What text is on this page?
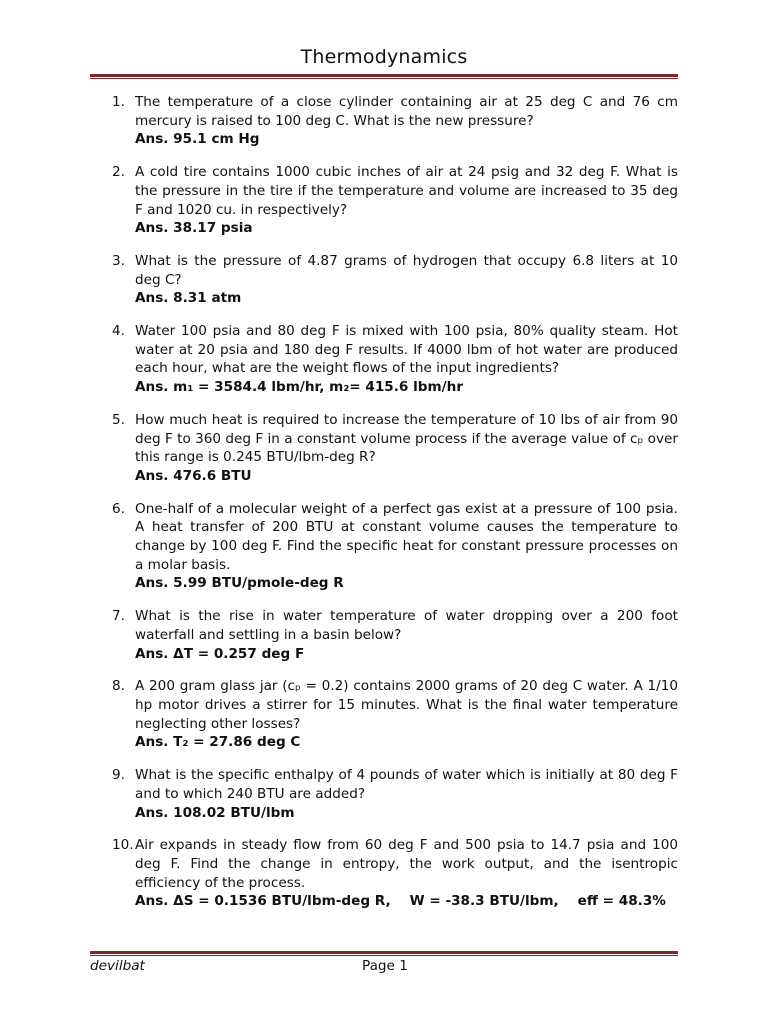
Thermodynamics
1. The temperature of a close cylinder containing air at 25 deg C and 76 cm mercury is raised to 100 deg C. What is the new pressure?
Ans. 95.1 cm Hg
2. A cold tire contains 1000 cubic inches of air at 24 psig and 32 deg F. What is the pressure in the tire if the temperature and volume are increased to 35 deg F and 1020 cu. in respectively?
Ans. 38.17 psia
3. What is the pressure of 4.87 grams of hydrogen that occupy 6.8 liters at 10 deg C?
Ans. 8.31 atm
4. Water 100 psia and 80 deg F is mixed with 100 psia, 80% quality steam. Hot water at 20 psia and 180 deg F results. If 4000 lbm of hot water are produced each hour, what are the weight flows of the input ingredients?
Ans. m₁ = 3584.4 lbm/hr, m₂= 415.6 lbm/hr
5. How much heat is required to increase the temperature of 10 lbs of air from 90 deg F to 360 deg F in a constant volume process if the average value of cₚ over this range is 0.245 BTU/lbm-deg R?
Ans. 476.6 BTU
6. One-half of a molecular weight of a perfect gas exist at a pressure of 100 psia. A heat transfer of 200 BTU at constant volume causes the temperature to change by 100 deg F. Find the specific heat for constant pressure processes on a molar basis.
Ans. 5.99 BTU/pmole-deg R
7. What is the rise in water temperature of water dropping over a 200 foot waterfall and settling in a basin below?
Ans. ΔT = 0.257 deg F
8. A 200 gram glass jar (cₚ = 0.2) contains 2000 grams of 20 deg C water. A 1/10 hp motor drives a stirrer for 15 minutes. What is the final water temperature neglecting other losses?
Ans. T₂ = 27.86 deg C
9. What is the specific enthalpy of 4 pounds of water which is initially at 80 deg F and to which 240 BTU are added?
Ans. 108.02 BTU/lbm
10. Air expands in steady flow from 60 deg F and 500 psia to 14.7 psia and 100 deg F. Find the change in entropy, the work output, and the isentropic efficiency of the process.
Ans. ΔS = 0.1536 BTU/lbm-deg R,    W = -38.3 BTU/lbm,    eff = 48.3%
devilbat	Page 1
